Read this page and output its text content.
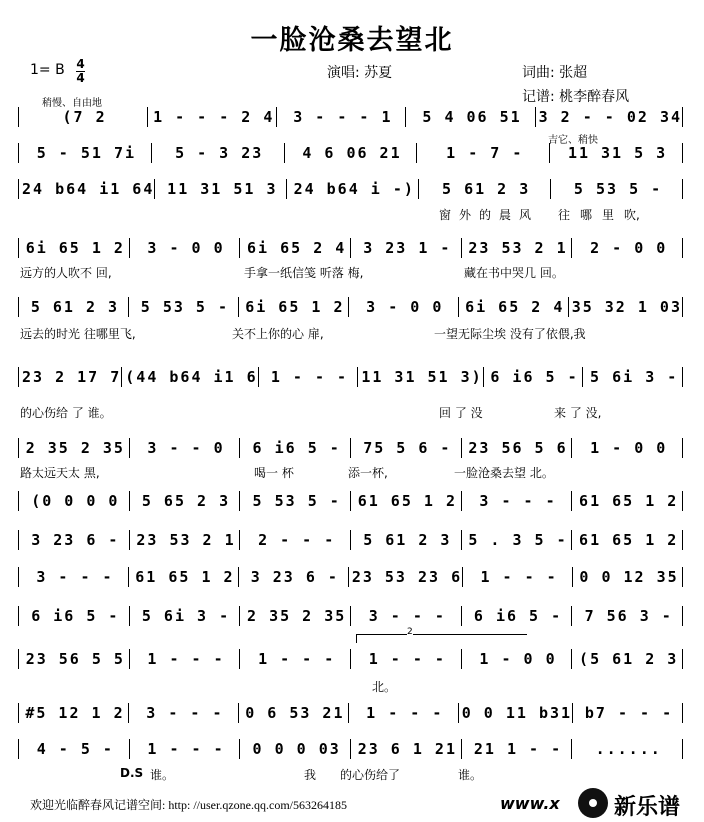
一脸沧桑去望北
1= B 4
4	演唱: 苏夏	词曲: 张超
记谱: 桃李醉春风
稍慢、自由地
吉它、稍快
(7 2	1 - - - 2 4	3 - - - 1	5 4 06 51	3 2 - - 02 34
5 - 51 7i	5 - 3 23	4 6 06 21	1 - 7 -	11 31 5 3
24 b64 i1 64 11 31 51 3	24 b64 i -)	5 61 2 3	5 53 5 -
6i 65 1 2	3 - 0 0	6i 65 2 4	3 23 1 -	23 53 2 1	2 - 0 0
5 61 2 3	5 53 5 -	6i 65 1 2	3 - 0 0	6i 65 2 4 35 32 1 03
23 2 17 7 (44 b64 i1 6 1 - - - 11 31 51 3) 6 i6 5 - 5 6i 3 -
2 35 2 35	3 - - 0	6 i6 5 -	75 5 6 -	23 56 5 6	1 - 0 0
(0 0 0 0	5 65 2 3	5 53 5 -	61 65 1 2	3 - - -	61 65 1 2
3 23 6 -	23 53 2 1	2 - - -	5 61 2 3	5 . 3 5 - 61 65 1 2
3 - - -	61 65 1 2	3 23 6 - 23 53 23 6	1 - - -	0 0 12 35
6 i6 5 -	5 6i 3 -	2 35 2 35	3 - - -	6 i6 5 -	7 56 3 -
23 56 5 5	1 - - -	1 - - -	1 - - -	1 - 0 0	(5 61 2 3
#5 12 1 2	3 - - -	0 6 53 21	1 - - -	0 0 11 b31 b7 - - -
4 - 5 -	1 - - -	0 0 0 03	23 6 1 21	21 1 - -	......
窗 外 的 晨 风 往 哪 里 吹,
远方的人吹不 回,	手拿一纸信笺 听落 梅,	藏在书中哭几 回。
远去的时光 往哪里飞,	关不上你的心 扉,	一望无际尘埃 没有了依偎,我
的心伤给 了 谁。	回 了 没	来 了 没,
路太远天太 黑,	喝一 杯	添一杯,	一脸沧桑去望 北。
北。
D.S 谁。	我 的心伤给了	谁。
2
欢迎光临醉春风记谱空间: http: //user.qzone.qq.com/563264185	www.x 新乐谱
